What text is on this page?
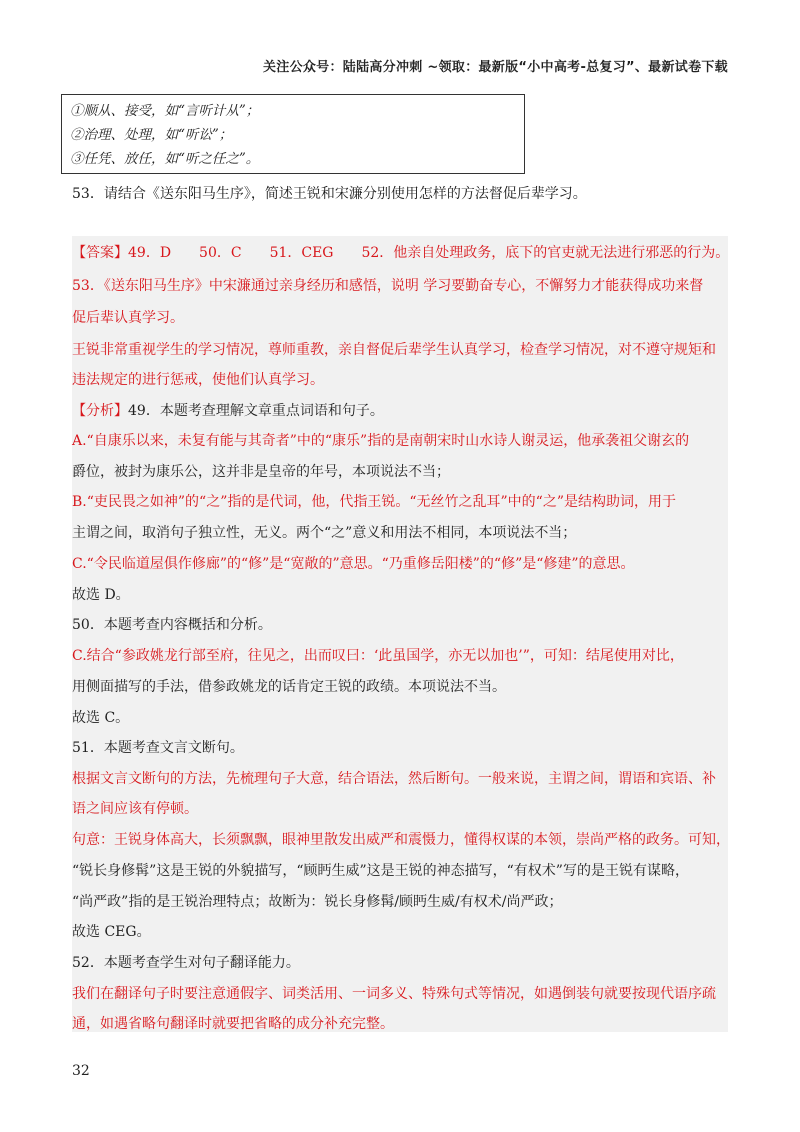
关注公众号：陆陆高分冲刺 ~领取：最新版“小中高考-总复习”、最新试卷下载
①顺从、接受，如“言听计从”；
②治理、处理，如“听讼”；
③任凭、放任，如“听之任之”。
53．请结合《送东阳马生序》，简述王锐和宋濂分别使用怎样的方法督促后辈学习。
【答案】49．D　　50．C　　51．CEG　　52．他亲自处理政务，底下的官吏就无法进行邪恶的行为。
53．《送东阳马生序》中宋濂通过亲身经历和感悟，说明 学习要勤奋专心，不懈努力才能获得成功来督
促后辈认真学习。
王锐非常重视学生的学习情况，尊师重教，亲自督促后辈学生认真学习，检查学习情况，对不遵守规矩和
违法规定的进行惩戒，使他们认真学习。
【分析】49．本题考查理解文章重点词语和句子。
A.“自康乐以来，未复有能与其奇者”中的“康乐”指的是南朝宋时山水诗人谢灵运，他承袭祖父谢玄的
爵位，被封为康乐公，这并非是皇帝的年号，本项说法不当；
B.“吏民畏之如神”的“之”指的是代词，他，代指王锐。“无丝竹之乱耳”中的“之”是结构助词，用于
主谓之间，取消句子独立性，无义。两个“之”意义和用法不相同，本项说法不当；
C.“令民临道屋俱作修廊”的“修”是“宽敞的”意思。“乃重修岳阳楼”的“修”是“修建”的意思。
故选 D。
50．本题考查内容概括和分析。
C.结合“参政姚龙行部至府，往见之，出而叹曰：‘此虽国学，亦无以加也’”，可知：结尾使用对比，
用侧面描写的手法，借参政姚龙的话肯定王锐的政绩。本项说法不当。
故选 C。
51．本题考查文言文断句。
根据文言文断句的方法，先梳理句子大意，结合语法，然后断句。一般来说，主谓之间，谓语和宾语、补
语之间应该有停顿。
句意：王锐身体高大，长须飘飘，眼神里散发出威严和震慑力，懂得权谋的本领，崇尚严格的政务。可知，
“锐长身修髯”这是王锐的外貌描写，“顾眄生威”这是王锐的神态描写，“有权术”写的是王锐有谋略，
“尚严政”指的是王锐治理特点；故断为：锐长身修髯/顾眄生威/有权术/尚严政；
故选 CEG。
52．本题考查学生对句子翻译能力。
我们在翻译句子时要注意通假字、词类活用、一词多义、特殊句式等情况，如遇倒装句就要按现代语序疏
通，如遇省略句翻译时就要把省略的成分补充完整。
32
